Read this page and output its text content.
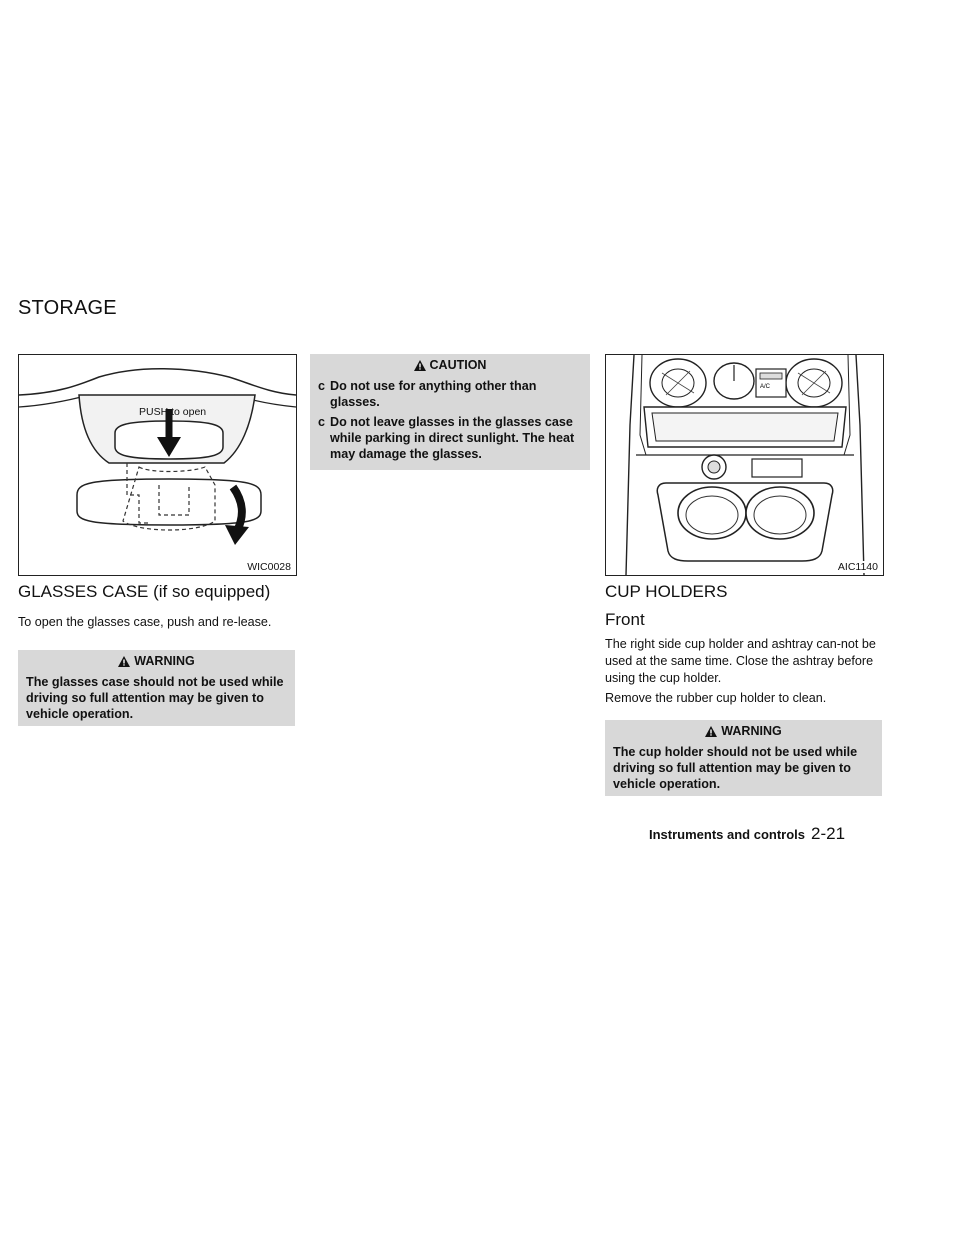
STORAGE
PUSH to open
WIC0028
GLASSES CASE (if so equipped)
To open the glasses case, push and re-lease.
WARNING
The glasses case should not be used while driving so full attention may be given to vehicle operation.
CAUTION
c Do not use for anything other than glasses.
c Do not leave glasses in the glasses case while parking in direct sunlight. The heat may damage the glasses.
A/C
AIC1140
CUP HOLDERS
Front
The right side cup holder and ashtray can-not be used at the same time. Close the ashtray before using the cup holder.
Remove the rubber cup holder to clean.
WARNING
The cup holder should not be used while driving so full attention may be given to vehicle operation.
Instruments and controls 2-21
